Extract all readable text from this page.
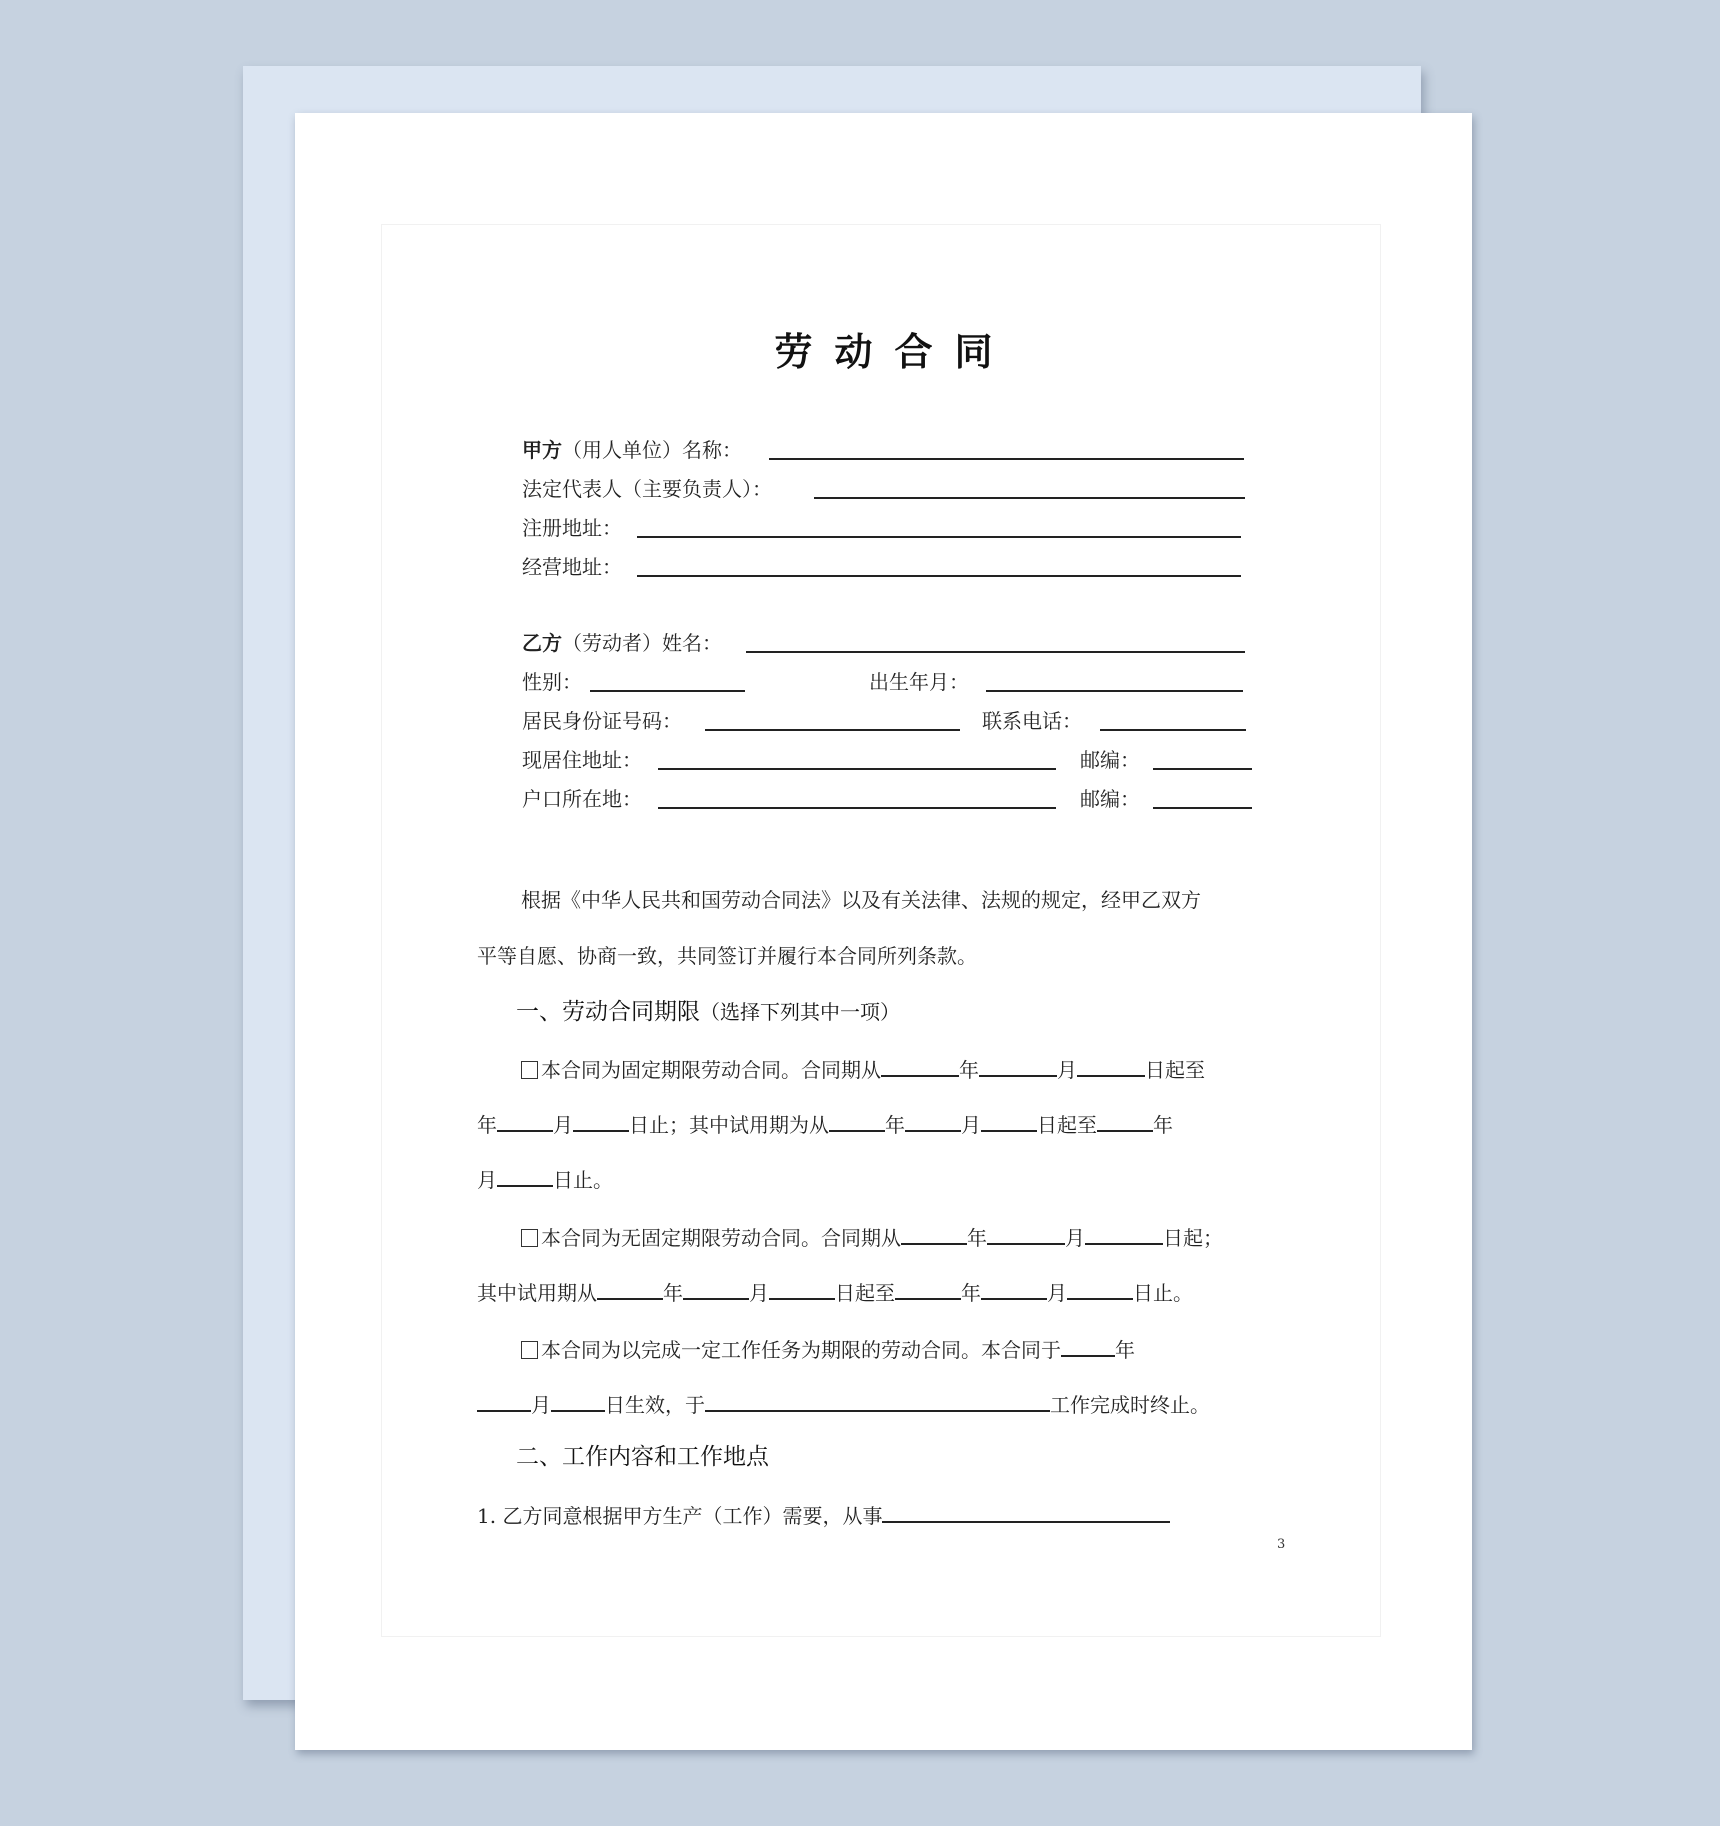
劳动合同
甲方（用人单位）名称：
法定代表人（主要负责人）：
注册地址：
经营地址：
乙方（劳动者）姓名：
性别：	出生年月：
居民身份证号码：	联系电话：
现居住地址：	邮编：
户口所在地：	邮编：
根据《中华人民共和国劳动合同法》以及有关法律、法规的规定，经甲乙双方
平等自愿、协商一致，共同签订并履行本合同所列条款。
一、劳动合同期限（选择下列其中一项）
本合同为固定期限劳动合同。合同期从	年	月	日起至
年	月	日止；其中试用期为从	年	月	日起至	年
月	日止。
本合同为无固定期限劳动合同。合同期从	年	月	日起；
其中试用期从	年	月	日起至	年	月	日止。
本合同为以完成一定工作任务为期限的劳动合同。本合同于	年
月	日生效，于	工作完成时终止。
二、工作内容和工作地点
1. 乙方同意根据甲方生产（工作）需要，从事
3
